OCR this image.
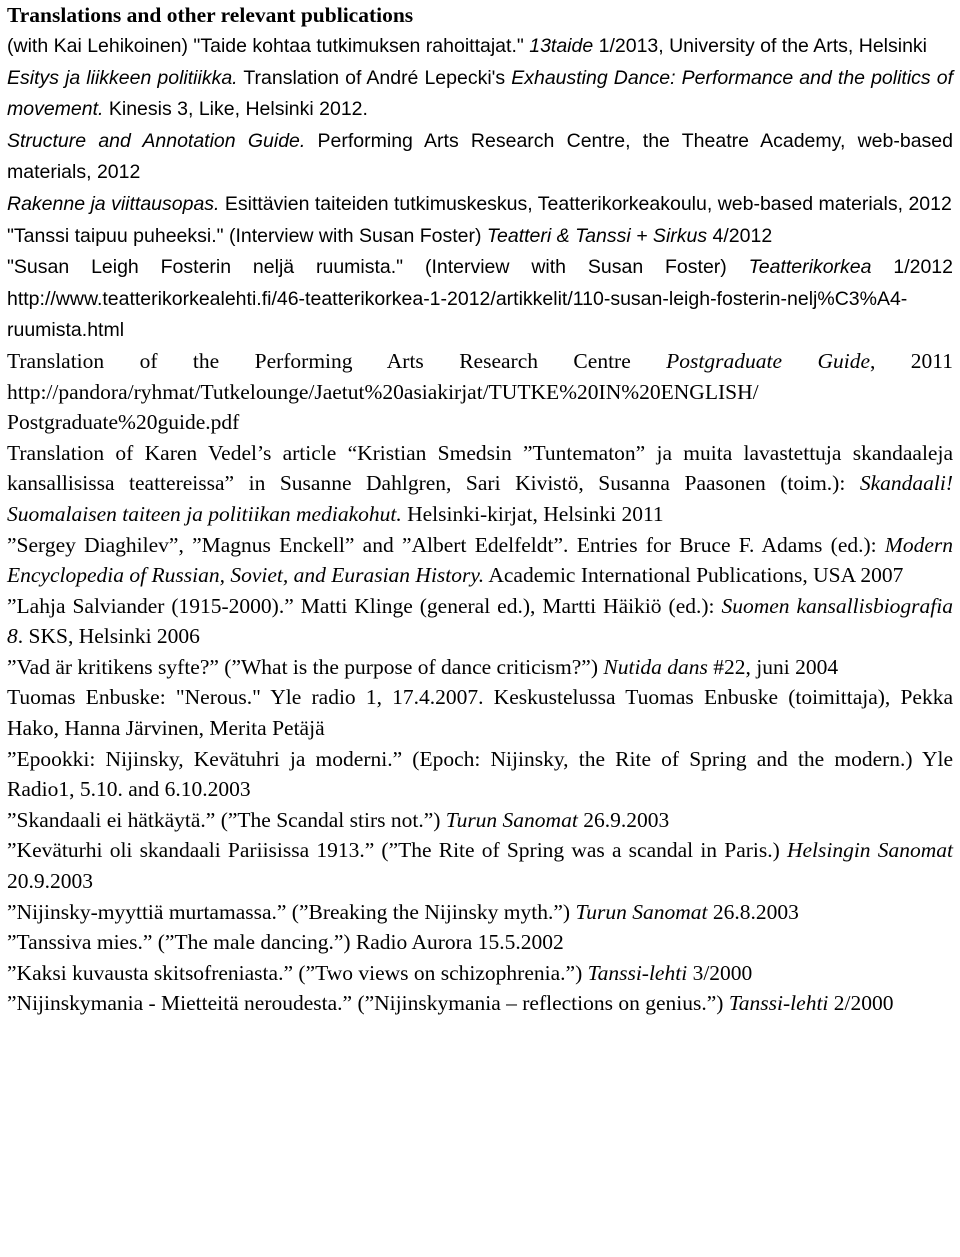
Translations and other relevant publications
(with Kai Lehikoinen) "Taide kohtaa tutkimuksen rahoittajat." 13taide 1/2013, University of the Arts, Helsinki
Esitys ja liikkeen politiikka. Translation of André Lepecki's Exhausting Dance: Performance and the politics of movement. Kinesis 3, Like, Helsinki 2012.
Structure and Annotation Guide. Performing Arts Research Centre, the Theatre Academy, web-based materials, 2012
Rakenne ja viittausopas. Esittävien taiteiden tutkimuskeskus, Teatterikorkeakoulu, web-based materials, 2012
"Tanssi taipuu puheeksi." (Interview with Susan Foster) Teatteri & Tanssi + Sirkus 4/2012
"Susan Leigh Fosterin neljä ruumista." (Interview with Susan Foster) Teatterikorkea 1/2012 http://www.teatterikorkealehti.fi/46-teatterikorkea-1-2012/artikkelit/110-susan-leigh-fosterin-nelj%C3%A4-ruumista.html
Translation of the Performing Arts Research Centre Postgraduate Guide, 2011 http://pandora/ryhmat/Tutkelounge/Jaetut%20asiakirjat/TUTKE%20IN%20ENGLISH/ Postgraduate%20guide.pdf
Translation of Karen Vedel’s article “Kristian Smedsin ”Tuntematon” ja muita lavastettuja skandaaleja kansallisissa teattereissa” in Susanne Dahlgren, Sari Kivistö, Susanna Paasonen (toim.): Skandaali! Suomalaisen taiteen ja politiikan mediakohut. Helsinki-kirjat, Helsinki 2011
”Sergey Diaghilev”, ”Magnus Enckell” and ”Albert Edelfeldt”. Entries for Bruce F. Adams (ed.): Modern Encyclopedia of Russian, Soviet, and Eurasian History. Academic International Publications, USA 2007
”Lahja Salviander (1915-2000).” Matti Klinge (general ed.), Martti Häikiö (ed.): Suomen kansallisbiografia 8. SKS, Helsinki 2006
”Vad är kritikens syfte?” (”What is the purpose of dance criticism?”) Nutida dans #22, juni 2004
Tuomas Enbuske: "Nerous." Yle radio 1, 17.4.2007. Keskustelussa Tuomas Enbuske (toimittaja), Pekka Hako, Hanna Järvinen, Merita Petäjä
”Epookki: Nijinsky, Kevätuhri ja moderni.” (Epoch: Nijinsky, the Rite of Spring and the modern.) Yle Radio1, 5.10. and 6.10.2003
”Skandaali ei hätkäytä.” (”The Scandal stirs not.”) Turun Sanomat 26.9.2003
”Keväturhi oli skandaali Pariisissa 1913.” (”The Rite of Spring was a scandal in Paris.) Helsingin Sanomat 20.9.2003
”Nijinsky-myyttiä murtamassa.” (”Breaking the Nijinsky myth.”) Turun Sanomat 26.8.2003
”Tanssiva mies.” (”The male dancing.”) Radio Aurora 15.5.2002
”Kaksi kuvausta skitsofreniasta.” (”Two views on schizophrenia.”) Tanssi-lehti 3/2000
”Nijinskymania - Mietteitä neroudesta.” (”Nijinskymania – reflections on genius.”) Tanssi-lehti 2/2000
